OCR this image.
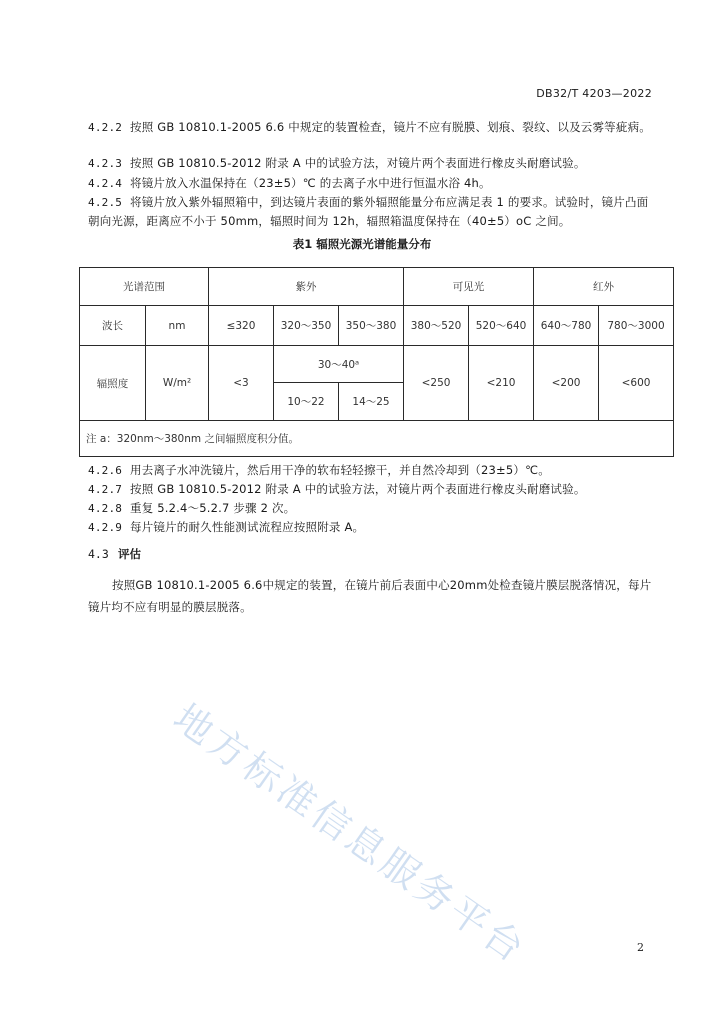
DB32/T 4203—2022
4.2.2 按照 GB 10810.1-2005 6.6 中规定的装置检查，镜片不应有脱膜、划痕、裂纹、以及云雾等疵病。
4.2.3 按照 GB 10810.5-2012 附录 A 中的试验方法，对镜片两个表面进行橡皮头耐磨试验。
4.2.4 将镜片放入水温保持在（23±5）℃ 的去离子水中进行恒温水浴 4h。
4.2.5 将镜片放入紫外辐照箱中，到达镜片表面的紫外辐照能量分布应满足表 1 的要求。试验时，镜片凸面朝向光源，距离应不小于 50mm，辐照时间为 12h，辐照箱温度保持在（40±5）oC 之间。
表1 辐照光源光谱能量分布
光谱范围		紫外			可见光		红外	
波长	nm	≤320	320～350	350～380	380～520	520～640	640～780	780～3000
辐照度	W/m²	<3	30～40ᵃ		<250	<210	<200	<600
			10～22	14～25				
注 a：320nm～380nm 之间辐照度积分值。								
4.2.6 用去离子水冲洗镜片，然后用干净的软布轻轻擦干，并自然冷却到（23±5）℃。
4.2.7 按照 GB 10810.5-2012 附录 A 中的试验方法，对镜片两个表面进行橡皮头耐磨试验。
4.2.8 重复 5.2.4～5.2.7 步骤 2 次。
4.2.9 每片镜片的耐久性能测试流程应按照附录 A。
4.3 评估
按照GB 10810.1-2005 6.6中规定的装置，在镜片前后表面中心20mm处检查镜片膜层脱落情况，每片镜片均不应有明显的膜层脱落。
地方标准信息服务平台	2
